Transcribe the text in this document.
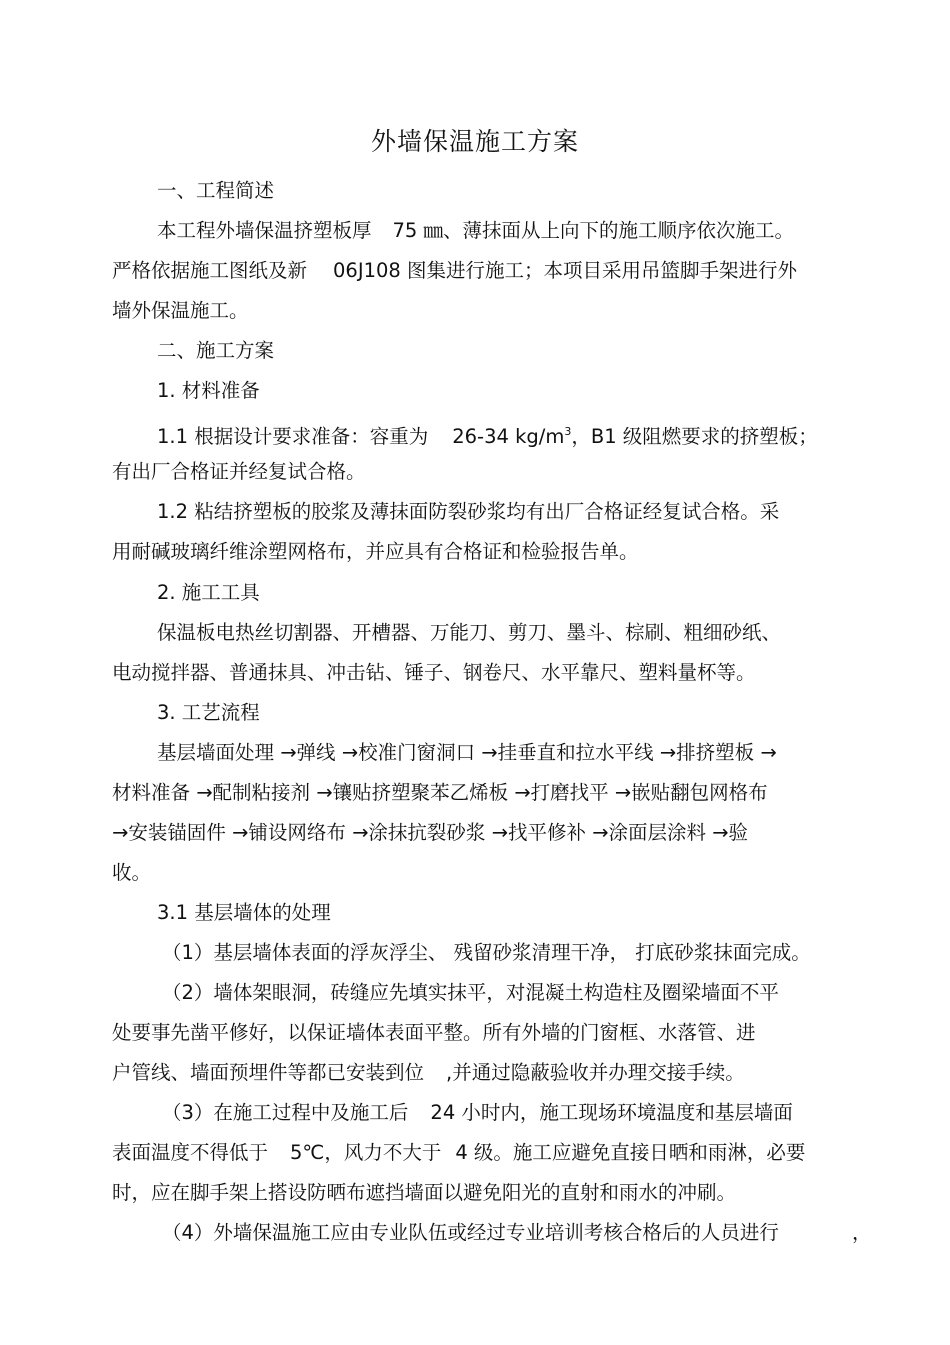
外墙保温施工方案
一、工程简述
本工程外墙保温挤塑板厚 75 ㎜、薄抹面从上向下的施工顺序依次施工。
严格依据施工图纸及新 06J108 图集进行施工；本项目采用吊篮脚手架进行外
墙外保温施工。
二、施工方案
1. 材料准备
1.1 根据设计要求准备：容重为 26-34 $kg/m^3$，B1 级阻燃要求的挤塑板；
有出厂合格证并经复试合格。
1.2 粘结挤塑板的胶浆及薄抹面防裂砂浆均有出厂合格证经复试合格。采
用耐碱玻璃纤维涂塑网格布，并应具有合格证和检验报告单。
2. 施工工具
保温板电热丝切割器、开槽器、万能刀、剪刀、墨斗、棕刷、粗细砂纸、
电动搅拌器、普通抹具、冲击钻、锤子、钢卷尺、水平靠尺、塑料量杯等。
3. 工艺流程
基层墙面处理 →弹线 →校准门窗洞口 →挂垂直和拉水平线 →排挤塑板 →
材料准备 →配制粘接剂 →镶贴挤塑聚苯乙烯板 →打磨找平 →嵌贴翻包网格布
→安装锚固件 →铺设网络布 →涂抹抗裂砂浆 →找平修补 →涂面层涂料 →验
收。
3.1 基层墙体的处理
（1）基层墙体表面的浮灰浮尘、 残留砂浆清理干净， 打底砂浆抹面完成。
（2）墙体架眼洞，砖缝应先填实抹平，对混凝土构造柱及圈梁墙面不平
处要事先凿平修好，以保证墙体表面平整。所有外墙的门窗框、水落管、进
户管线、墙面预埋件等都已安装到位 ,并通过隐蔽验收并办理交接手续。
（3）在施工过程中及施工后 24 小时内，施工现场环境温度和基层墙面
表面温度不得低于 5℃，风力不大于 4 级。施工应避免直接日晒和雨淋，必要
时，应在脚手架上搭设防晒布遮挡墙面以避免阳光的直射和雨水的冲刷。
（4）外墙保温施工应由专业队伍或经过专业培训考核合格后的人员进行	，
